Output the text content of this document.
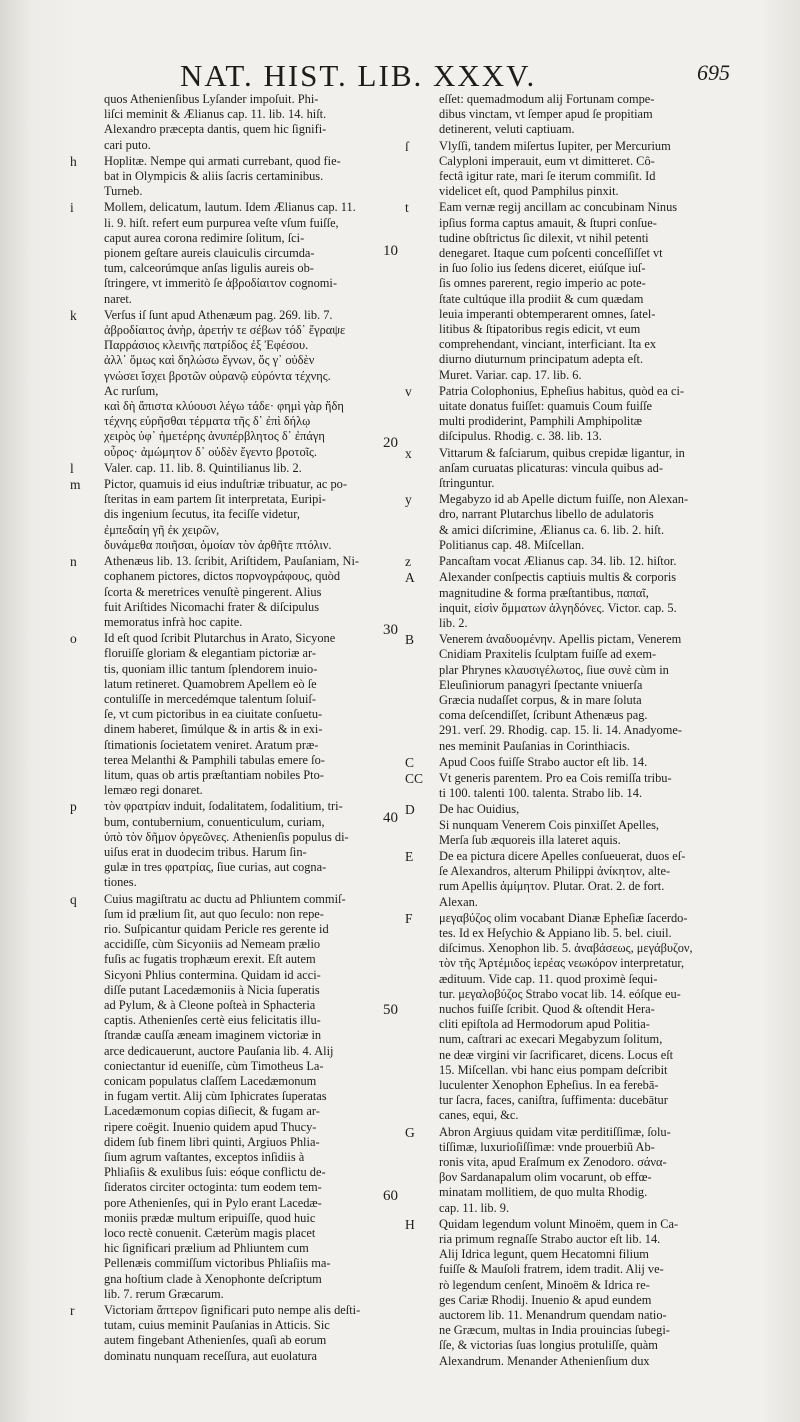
NAT. HIST. LIB. XXXV.	695
quos Athenienſibus Lyſander impoſuit. Phi-
liſci meminit & Ælianus cap. 11. lib. 14. hiſt.
Alexandro præcepta dantis, quem hic ſignifi-
cari puto.
h Hoplitæ. Nempe qui armati currebant, quod fie-
bat in Olympicis & aliis ſacris certaminibus.
Turneb.
i Mollem, delicatum, lautum. Idem Ælianus cap. 11.
li. 9. hiſt. refert eum purpurea veſte vſum fuiſſe,
caput aurea corona redimire ſolitum, ſci-
pionem geſtare aureis clauiculis circumda-
tum, calceorúmque anſas ligulis aureis ob-
ſtringere, vt immeritò ſe ἁβροδίαιτον cognomi-
naret.
k Verſus iſ ſunt apud Athenæum pag. 269. lib. 7.
ἁβροδίαιτος ἀνὴρ, ἀρετήν τε σέβων τόδ᾽ ἔγραψε
Παρράσιος κλεινῆς πατρίδος ἐξ Ἐφέσου.
ἀλλ᾽ ὅμως καὶ δηλώσω ἔγνων, ὅς γ᾽ οὐδὲν
γνώσει ἴσχει βροτῶν οὐρανῷ εὑρόντα τέχνης.
Ac rurſum,
καὶ δὴ ἄπιστα κλύουσι λέγω τάδε· φημὶ γὰρ ἤδη
τέχνης εὑρῆσθαι τέρματα τῆς δ᾽ ἐπὶ δήλῳ
χειρὸς ὑφ᾽ ἡμετέρης ἀνυπέρβλητος δ᾽ ἐπάγη
οὖρος· ἀμώμητον δ᾽ οὐδὲν ἔγεντο βροτοῖς.
l Valer. cap. 11. lib. 8. Quintilianus lib. 2.
m Pictor, quamuis id eius induſtriæ tribuatur, ac po-
ſteritas in eam partem ſit interpretata, Euripi-
dis ingenium ſecutus, ita feciſſe videtur,
ἐμπεδαίη γῆ ἐκ χειρῶν,
δυνάμεθα ποιῆσαι, ὁμοίαν τὸν ἀρθῆτε πτόλιν.
n Athenæus lib. 13. ſcribit, Ariſtidem, Pauſaniam, Ni-
cophanem pictores, dictos πορνογράφους, quòd
ſcorta & meretrices venuſtè pingerent. Alius
fuit Ariſtides Nicomachi frater & diſcipulus
memoratus infrà hoc capite.
o Id eſt quod ſcribit Plutarchus in Arato, Sicyone
floruiſſe gloriam & elegantiam pictoriæ ar-
tis, quoniam illic tantum ſplendorem inuio-
latum retineret. Quamobrem Apellem eò ſe
contuliſſe in mercedémque talentum ſoluiſ-
ſe, vt cum pictoribus in ea ciuitate conſuetu-
dinem haberet, ſimúlque & in artis & in exi-
ſtimationis ſocietatem veniret. Aratum præ-
terea Melanthi & Pamphili tabulas emere ſo-
litum, quas ob artis præſtantiam nobiles Pto-
lemæo regi donaret.
p τὸν φρατρίαν induit, ſodalitatem, ſodalitium, tri-
bum, contubernium, conuenticulum, curiam,
ὑπὸ τὸν δῆμον ὀργεῶνες. Athenienſis populus di-
uiſus erat in duodecim tribus. Harum ſin-
gulæ in tres φρατρίας, ſiue curias, aut cogna-
tiones.
q Cuius magiſtratu ac ductu ad Phliuntem commiſ-
ſum id prælium ſit, aut quo ſeculo: non repe-
rio. Suſpicantur quidam Pericle res gerente id
accidiſſe, cùm Sicyoniis ad Nemeam prælio
fuſis ac fugatis trophæum erexit. Eſt autem
Sicyoni Phlius contermina. Quidam id acci-
diſſe putant Lacedæmoniis à Nicia ſuperatis
ad Pylum, & à Cleone poſteà in Sphacteria
captis. Athenienſes certè eius felicitatis illu-
ſtrandæ cauſſa æneam imaginem victoriæ in
arce dedicauerunt, auctore Pauſania lib. 4. Alij
coniectantur id eueniſſe, cùm Timotheus La-
conicam populatus claſſem Lacedæmonum
in fugam vertit. Alij cùm Iphicrates ſuperatas
Lacedæmonum copias diſiecit, & fugam ar-
ripere coëgit. Inuenio quidem apud Thucy-
didem ſub finem libri quinti, Argiuos Phlia-
ſium agrum vaſtantes, exceptos inſidiis à
Phliaſiis & exulibus ſuis: eóque conflictu de-
ſideratos circiter octoginta: tum eodem tem-
pore Athenienſes, qui in Pylo erant Lacedæ-
moniis prædæ multum eripuiſſe, quod huic
loco rectè conuenit. Cæterùm magis placet
hic ſignificari prælium ad Phliuntem cum
Pellenæis commiſſum victoribus Phliaſiis ma-
gna hoſtium clade à Xenophonte deſcriptum
lib. 7. rerum Græcarum.
r Victoriam ἄπτερον ſignificari puto nempe alis deſti-
tutam, cuius meminit Pauſanias in Atticis. Sic
autem fingebant Athenienſes, quaſi ab eorum
dominatu nunquam receſſura, aut euolatura
eſſet: quemadmodum alij Fortunam compe-
dibus vinctam, vt ſemper apud ſe propitiam
detinerent, veluti captiuam.
ſ Vlyſſi, tandem miſertus Iupiter, per Mercurium
Calyploni imperauit, eum vt dimitteret. Cô-
fectâ igitur rate, mari ſe iterum commiſit. Id
videlicet eſt, quod Pamphilus pinxit.
t Eam vernæ regij ancillam ac concubinam Ninus
ipſius forma captus amauit, & ſtupri conſue-
tudine obſtrictus ſic dilexit, vt nihil petenti
denegaret. Itaque cum poſcenti conceſſiſſet vt
in ſuo ſolio ius ſedens diceret, eiúſque iuſ-
ſis omnes parerent, regio imperio ac pote-
ſtate cultúque illa prodiit & cum quædam
leuia imperanti obtemperarent omnes, ſatel-
litibus & ſtipatoribus regis edicit, vt eum
comprehendant, vinciant, interficiant. Ita ex
diurno diuturnum principatum adepta eſt.
Muret. Variar. cap. 17. lib. 6.
v Patria Colophonius, Epheſius habitus, quòd ea ci-
uitate donatus fuiſſet: quamuis Coum fuiſſe
multi prodiderint, Pamphili Amphipolitæ
diſcipulus. Rhodig. c. 38. lib. 13.
x Vittarum & faſciarum, quibus crepidæ ligantur, in
anſam curuatas plicaturas: vincula quibus ad-
ſtringuntur.
y Megabyzo id ab Apelle dictum fuiſſe, non Alexan-
dro, narrant Plutarchus libello de adulatoris
& amici diſcrimine, Ælianus ca. 6. lib. 2. hiſt.
Politianus cap. 48. Miſcellan.
z Pancaſtam vocat Ælianus cap. 34. lib. 12. hiſtor.
A Alexander conſpectis captiuis multis & corporis
magnitudine & forma præſtantibus, παπαῖ,
inquit, εἰσὶν ὄμματων ἀλγηδόνες. Victor. cap. 5.
lib. 2.
B Venerem ἀναδυομένην. Apellis pictam, Venerem
Cnidiam Praxitelis ſculptam fuiſſe ad exem-
plar Phrynes κλαυσιγέλωτος, ſiue συνὲ cùm in
Eleuſiniorum panagyri ſpectante vniuerſa
Græcia nudaſſet corpus, & in mare ſoluta
coma deſcendiſſet, ſcribunt Athenæus pag.
291. verſ. 29. Rhodig. cap. 15. li. 14. Anadyome-
nes meminit Pauſanias in Corinthiacis.
C Apud Coos fuiſſe Strabo auctor eſt lib. 14.
CC Vt generis parentem. Pro ea Cois remiſſa tribu-
ti 100. talenti 100. talenta. Strabo lib. 14.
D De hac Ouidius,
Si nunquam Venerem Cois pinxiſſet Apelles,
Merſa ſub æquoreis illa lateret aquis.
E De ea pictura dicere Apelles conſueuerat, duos eſ-
ſe Alexandros, alterum Philippi ἀνίκητον, alte-
rum Apellis ἀμίμητον. Plutar. Orat. 2. de fort.
Alexan.
F μεγαβύζος olim vocabant Dianæ Epheſiæ ſacerdo-
tes. Id ex Heſychio & Appiano lib. 5. bel. ciuil.
diſcimus. Xenophon lib. 5. ἀναβάσεως, μεγάβυζον,
τὸν τῆς Ἀρτέμιδος ἱερέας νεωκόρον interpretatur,
ædituum. Vide cap. 11. quod proximè ſequi-
tur. μεγαλοβύζος Strabo vocat lib. 14. eóſque eu-
nuchos fuiſſe ſcribit. Quod & oſtendit Hera-
cliti epiſtola ad Hermodorum apud Politia-
num, caſtrari ac execari Megabyzum ſolitum,
ne deæ virgini vir ſacrificaret, dicens. Locus eſt
15. Miſcellan. vbi hanc eius pompam deſcribit
luculenter Xenophon Epheſius. In ea ferebā-
tur ſacra, faces, caniſtra, ſuffimenta: ducebātur
canes, equi, &c.
G Abron Argiuus quidam vitæ perditiſſimæ, ſolu-
tiſſimæ, luxurioſiſſimæ: vnde prouerbiũ Ab-
ronis vita, apud Eraſmum ex Zenodoro. σάνα-
βον Sardanapalum olim vocarunt, ob effœ-
minatam mollitiem, de quo multa Rhodig.
cap. 11. lib. 9.
H Quidam legendum volunt Minoëm, quem in Ca-
ria primum regnaſſe Strabo auctor eſt lib. 14.
Alij Idrica legunt, quem Hecatomni filium
fuiſſe & Mauſoli fratrem, idem tradit. Alij ve-
rò legendum cenſent, Minoëm & Idrica re-
ges Cariæ Rhodij. Inuenio & apud eundem
auctorem lib. 11. Menandrum quendam natio-
ne Græcum, multas in India prouincias ſubegi-
ſſe, & victorias ſuas longius protuliſſe, quàm
Alexandrum. Menander Athenienſium dux
10
20
30
40
50
60
